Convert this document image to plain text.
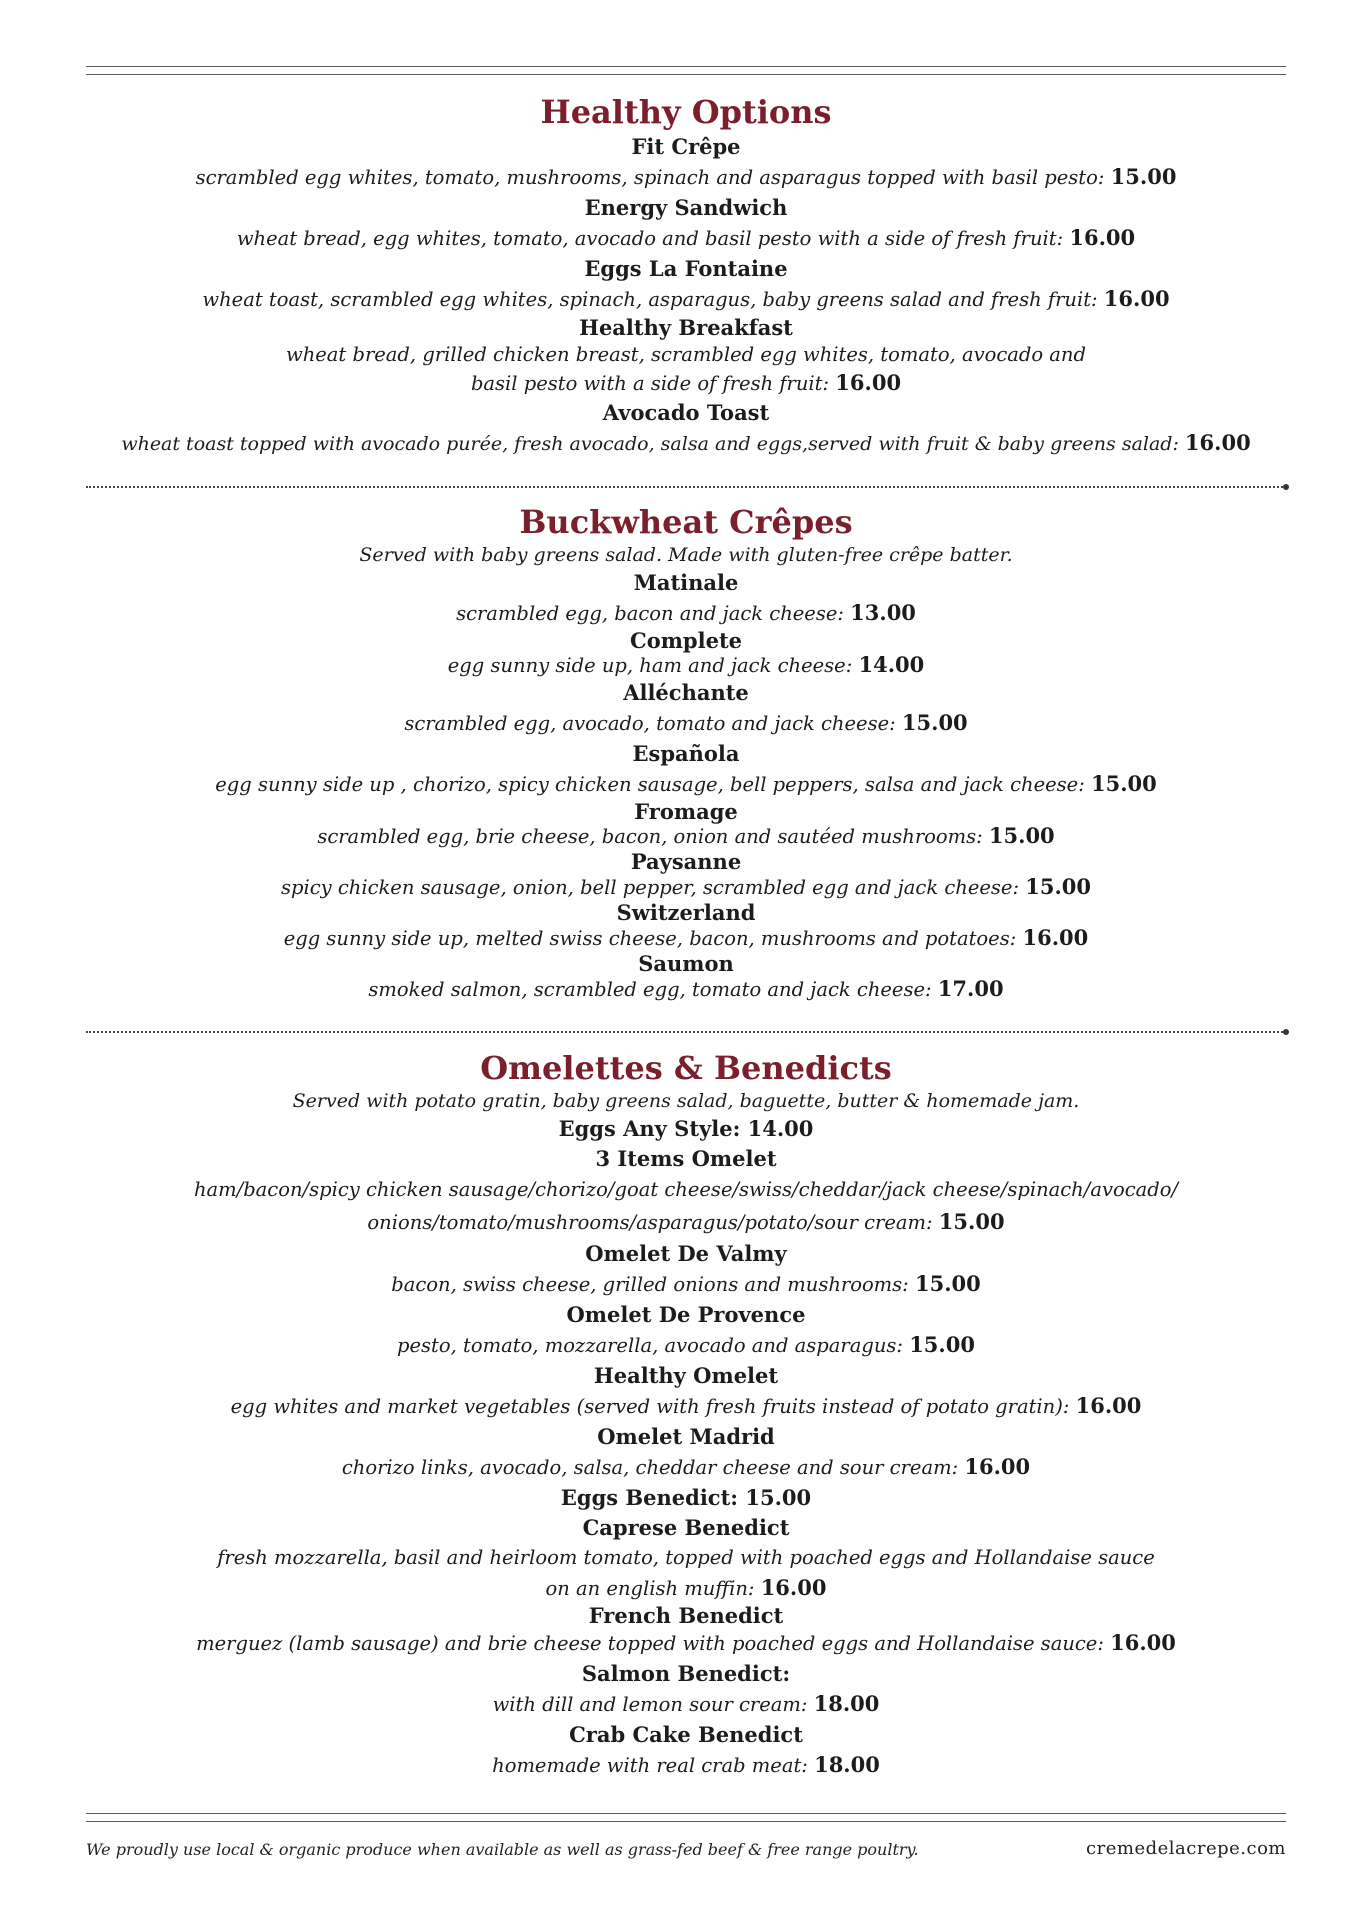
Healthy Options
Fit Crêpe
scrambled egg whites, tomato, mushrooms, spinach and asparagus topped with basil pesto: 15.00
Energy Sandwich
wheat bread, egg whites, tomato, avocado and basil pesto with a side of fresh fruit: 16.00
Eggs La Fontaine
wheat toast, scrambled egg whites, spinach, asparagus, baby greens salad and fresh fruit: 16.00
Healthy Breakfast
wheat bread, grilled chicken breast, scrambled egg whites, tomato, avocado and basil pesto with a side of fresh fruit: 16.00
Avocado Toast
wheat toast topped with avocado purée, fresh avocado, salsa and eggs,served with fruit & baby greens salad: 16.00
Buckwheat Crêpes
Served with baby greens salad. Made with gluten-free crêpe batter.
Matinale
scrambled egg, bacon and jack cheese: 13.00
Complete
egg sunny side up, ham and jack cheese: 14.00
Alléchante
scrambled egg, avocado, tomato and jack cheese: 15.00
Española
egg sunny side up , chorizo, spicy chicken sausage, bell peppers, salsa and jack cheese: 15.00
Fromage
scrambled egg, brie cheese, bacon, onion and sautéed mushrooms: 15.00
Paysanne
spicy chicken sausage, onion, bell pepper, scrambled egg and jack cheese: 15.00
Switzerland
egg sunny side up, melted swiss cheese, bacon, mushrooms and potatoes: 16.00
Saumon
smoked salmon, scrambled egg, tomato and jack cheese: 17.00
Omelettes & Benedicts
Served with potato gratin, baby greens salad, baguette, butter & homemade jam.
Eggs Any Style: 14.00
3 Items Omelet
ham/bacon/spicy chicken sausage/chorizo/goat cheese/swiss/cheddar/jack cheese/spinach/avocado/ onions/tomato/mushrooms/asparagus/potato/sour cream: 15.00
Omelet De Valmy
bacon, swiss cheese, grilled onions and mushrooms: 15.00
Omelet De Provence
pesto, tomato, mozzarella, avocado and asparagus: 15.00
Healthy Omelet
egg whites and market vegetables (served with fresh fruits instead of potato gratin): 16.00
Omelet Madrid
chorizo links, avocado, salsa, cheddar cheese and sour cream: 16.00
Eggs Benedict: 15.00
Caprese Benedict
fresh mozzarella, basil and heirloom tomato, topped with poached eggs and Hollandaise sauce on an english muffin: 16.00
French Benedict
merguez (lamb sausage) and brie cheese topped with poached eggs and Hollandaise sauce: 16.00
Salmon Benedict:
with dill and lemon sour cream: 18.00
Crab Cake Benedict
homemade with real crab meat: 18.00
We proudly use local & organic produce when available as well as grass-fed beef & free range poultry.	cremedelacrepe.com
